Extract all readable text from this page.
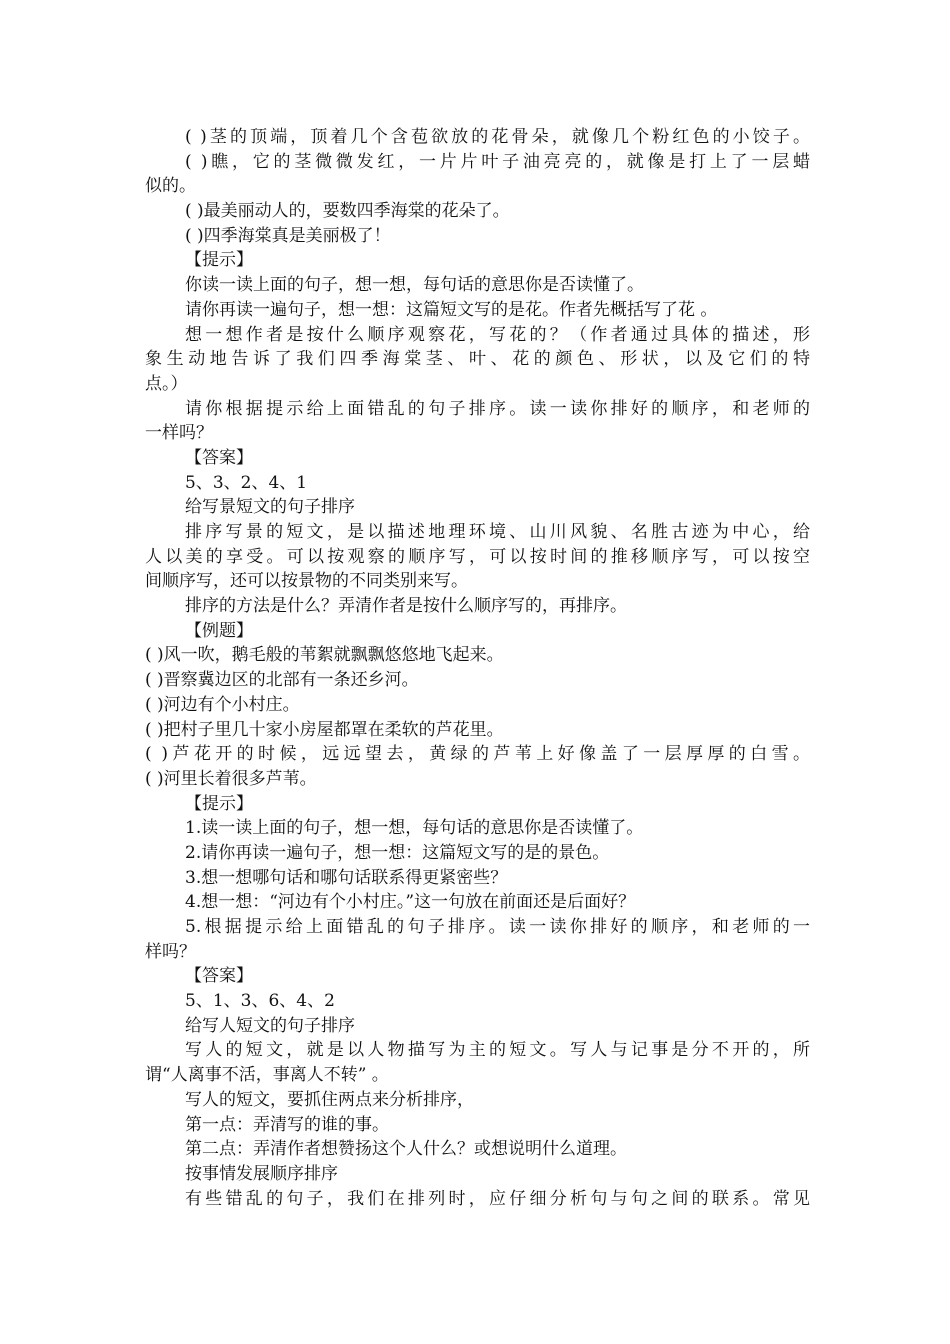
( )茎的顶端，顶着几个含苞欲放的花骨朵，就像几个粉红色的小饺子。
( )瞧，它的茎微微发红，一片片叶子油亮亮的，就像是打上了一层蜡
似的。
( )最美丽动人的，要数四季海棠的花朵了。
( )四季海棠真是美丽极了！
【提示】
你读一读上面的句子，想一想，每句话的意思你是否读懂了。
请你再读一遍句子，想一想：这篇短文写的是花。作者先概括写了花 。
想一想作者是按什么顺序观察花，写花的？（作者通过具体的描述，形
象生动地告诉了我们四季海棠茎、叶、花的颜色、形状，以及它们的特
点。）
请你根据提示给上面错乱的句子排序。读一读你排好的顺序，和老师的
一样吗？
【答案】
5、3、2、4、1
给写景短文的句子排序
排序写景的短文，是以描述地理环境、山川风貌、名胜古迹为中心，给
人以美的享受。可以按观察的顺序写，可以按时间的推移顺序写，可以按空
间顺序写，还可以按景物的不同类别来写。
排序的方法是什么？弄清作者是按什么顺序写的，再排序。
【例题】
( )风一吹，鹅毛般的苇絮就飘飘悠悠地飞起来。
( )晋察冀边区的北部有一条还乡河。
( )河边有个小村庄。
( )把村子里几十家小房屋都罩在柔软的芦花里。
( )芦花开的时候，远远望去，黄绿的芦苇上好像盖了一层厚厚的白雪。
( )河里长着很多芦苇。
【提示】
1.读一读上面的句子，想一想，每句话的意思你是否读懂了。
2.请你再读一遍句子，想一想：这篇短文写的是的景色。
3.想一想哪句话和哪句话联系得更紧密些？
4.想一想：“河边有个小村庄。”这一句放在前面还是后面好？
5.根据提示给上面错乱的句子排序。读一读你排好的顺序，和老师的一
样吗？
【答案】
5、1、3、6、4、2
给写人短文的句子排序
写人的短文，就是以人物描写为主的短文。写人与记事是分不开的，所
谓“人离事不活，事离人不转” 。
写人的短文，要抓住两点来分析排序，
第一点：弄清写的谁的事。
第二点：弄清作者想赞扬这个人什么？或想说明什么道理。
按事情发展顺序排序
有些错乱的句子，我们在排列时，应仔细分析句与句之间的联系。常见
